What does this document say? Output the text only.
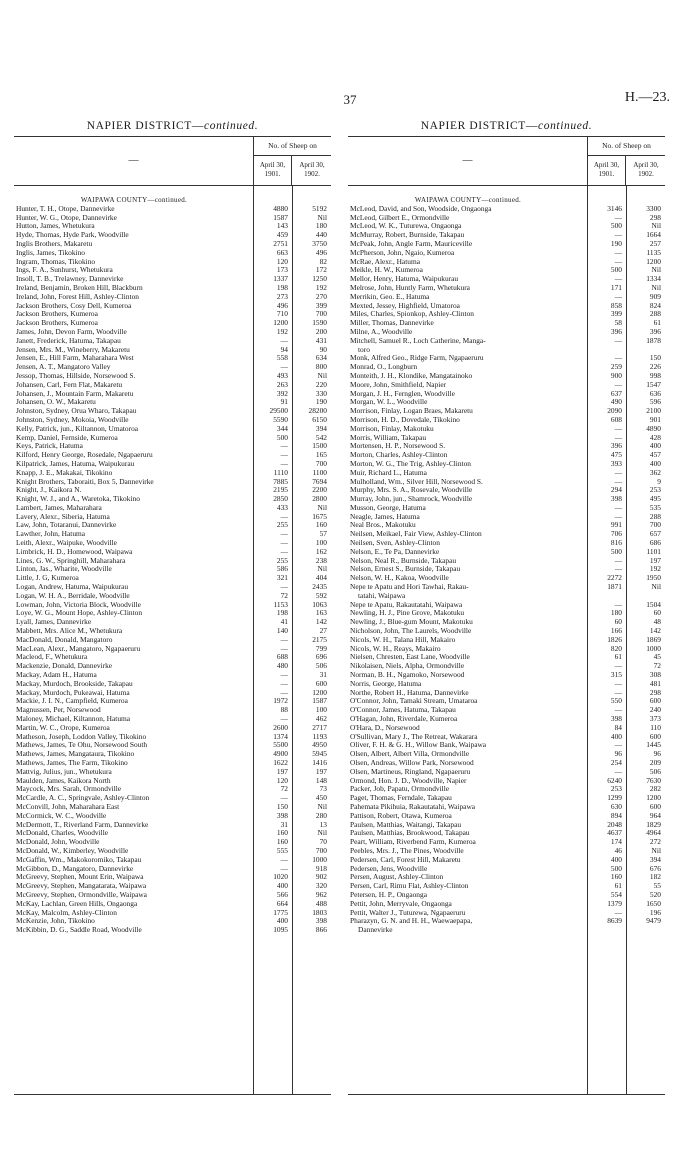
37	H.—23.
NAPIER DISTRICT—continued.
—
No. of Sheep on
April 30,
1901.
April 30,
1902.
WAIPAWA COUNTY—continued.
Hunter, T. H., Otope, Dannevirke	4880	5192
Hunter, W. G., Otope, Dannevirke	1587	Nil
Hutton, James, Whetukura	143	180
Hyde, Thomas, Hyde Park, Woodville	459	440
Inglis Brothers, Makaretu	2751	3750
Inglis, James, Tikokino	663	496
Ingram, Thomas, Tikokino	120	82
Ings, F. A., Sunhurst, Whetukura	173	172
Insoll, T. B., Trelawney, Dannevirke	1337	1250
Ireland, Benjamin, Broken Hill, Blackburn	198	192
Ireland, John, Forest Hill, Ashley-Clinton	273	270
Jackson Brothers, Cosy Dell, Kumeroa	496	399
Jackson Brothers, Kumeroa	710	700
Jackson Brothers, Kumeroa	1200	1590
James, John, Devon Farm, Woodville	192	200
Janett, Frederick, Hatuma, Takapau	—	431
Jensen, Mrs. M., Wineberry, Makaretu	94	90
Jensen, E., Hill Farm, Maharahara West	558	634
Jensen, A. T., Mangatoro Valley	—	800
Jessop, Thomas, Hillside, Norsewood S.	493	Nil
Johansen, Carl, Fern Flat, Makaretu	263	220
Johansen, J., Mountain Farm, Makaretu	392	330
Johansen, O. W., Makaretu	91	190
Johnston, Sydney, Orua Wharo, Takapau	29500	28200
Johnston, Sydney, Mokoia, Woodville	5590	6150
Kelly, Patrick, jun., Kiltannon, Umatoroa	344	394
Kemp, Daniel, Fernside, Kumeroa	500	542
Keys, Patrick, Hatuma	—	1500
Kilford, Henry George, Rosedale, Ngapaeruru	—	165
Kilpatrick, James, Hatuma, Waipukurau	—	700
Knapp, J. E., Makakai, Tikokino	1110	1100
Knight Brothers, Taboraiti, Box 5, Dannevirke	7885	7694
Knight, J., Kaikora N.	2195	2200
Knight, W. J., and A., Waretoka, Tikokino	2850	2800
Lambert, James, Maharahara	433	Nil
Lavery, Alexr., Siberia, Hatuma	—	1675
Law, John, Totaranui, Dannevirke	255	160
Lawther, John, Hatuma	—	57
Leith, Alexr., Waipuke, Woodville	—	100
Limbrick, H. D., Homewood, Waipawa	—	162
Lines, G. W., Springhill, Maharahara	255	238
Linton, Jas., Wharite, Woodville	586	Nil
Little, J. G, Kumeroa	321	404
Logan, Andrew, Hatuma, Waipukurau	—	2435
Logan, W. H. A., Berridale, Woodville	72	592
Lowman, John, Victoria Block, Woodville	1153	1063
Loye, W. G., Mount Hope, Ashley-Clinton	198	163
Lyall, James, Dannevirke	41	142
Mabbett, Mrs. Alice M., Whetukura	140	27
MacDonald, Donald, Mangatoro	—	2175
MacLean, Alexr., Mangatoro, Ngapaeruru	—	799
Macleod, F., Whetukura	688	696
Mackenzie, Donald, Dannevirke	480	506
Mackay, Adam H., Hatuma	—	31
Mackay, Murdoch, Brookside, Takapau	—	600
Mackay, Murdoch, Pukeawai, Hatuma	—	1200
Mackie, J. I. N., Campfield, Kumeroa	1972	1587
Magnussen, Per, Norsewood	88	100
Maloney, Michael, Kiltannon, Hatuma	—	462
Martin, W. C., Orope, Kumeroa	2600	2717
Matheson, Joseph, Loddon Valley, Tikokino	1374	1193
Mathews, James, Te Ohu, Norsewood South	5500	4950
Mathews, James, Mangataura, Tikokino	4900	5945
Mathews, James, The Farm, Tikokino	1622	1416
Mattvig, Julius, jun., Whetukura	197	197
Maulden, James, Kaikora North	120	148
Maycock, Mrs. Sarah, Ormondville	72	73
McCardle, A. C., Springvale, Ashley-Clinton	—	450
McConvill, John, Maharahara East	150	Nil
McCormick, W. C., Woodville	398	280
McDermott, T., Riverland Farm, Dannevirke	31	13
McDonald, Charles, Woodville	160	Nil
McDonald, John, Woodville	160	70
McDonald, W., Kimberley, Woodville	555	700
McGaffin, Wm., Makokoromiko, Takapau	—	1000
McGibbon, D., Mangatoro, Dannevirke	—	918
McGreevy, Stephen, Mount Erin, Waipawa	1020	902
McGreevy, Stephen, Mangatarata, Waipawa	400	320
McGreevy, Stephen, Ormondville, Waipawa	566	962
McKay, Lachlan, Green Hills, Ongaonga	664	488
McKay, Malcolm, Ashley-Clinton	1775	1803
McKenzie, John, Tikokino	400	398
McKibbin, D. G., Saddle Road, Woodville	1095	866
NAPIER DISTRICT—continued.
—
No. of Sheep on
April 30,
1901.
April 30,
1902.
WAIPAWA COUNTY—continued.
McLeod, David, and Son, Woodside, Ongaonga	3146	3300
McLeod, Gilbert E., Ormondville	—	298
McLeod, W. K., Tuturewa, Ongaonga	500	Nil
McMurray, Robert, Burnside, Takapau	—	1664
McPeak, John, Angle Farm, Mauriceville	190	257
McPherson, John, Ngaio, Kumeroa	—	1135
McRae, Alexr., Hatuma	—	1200
Meikle, H. W., Kumeroa	500	Nil
Mellor, Henry, Hatuma, Waipukurau	—	1334
Melrose, John, Huntly Farm, Whetukura	171	Nil
Merrikin, Geo. E., Hatuma	—	909
Mexted, Jessey, Highfield, Umatoroa	858	824
Miles, Charles, Spionkop, Ashley-Clinton	399	288
Miller, Thomas, Dannevirke	58	61
Milne, A., Woodville	396	396
Mitchell, Samuel R., Loch Catherine, Manga-	—	1878
toro
Monk, Alfred Geo., Ridge Farm, Ngapaeruru	—	150
Monrad, O., Longburn	259	226
Monteith, J. H., Klondike, Mangatainoko	900	998
Moore, John, Smithfield, Napier	—	1547
Morgan, J. H., Fernglen, Woodville	637	636
Morgan, W. L., Woodville	490	596
Morrison, Finlay, Logan Braes, Makaretu	2090	2100
Morrison, H. D., Dovedale, Tikokino	608	901
Morrison, Finlay, Makotuku	—	4890
Morris, William, Takapau	—	428
Mortensen, H. P., Norsewood S.	396	400
Morton, Charles, Ashley-Clinton	475	457
Morton, W. G., The Trig, Ashley-Clinton	393	400
Muir, Richard L., Hatuma	—	362
Mulholland, Wm., Silver Hill, Norsewood S.	—	9
Murphy, Mrs. S. A., Rosevale, Woodville	294	253
Murray, John, jun., Shamrock, Woodville	398	495
Musson, George, Hatuma	—	535
Neagle, James, Hatuma	—	288
Neal Bros., Makotuku	991	700
Neilsen, Meikael, Fair View, Ashley-Clinton	706	657
Neilsen, Sven, Ashley-Clinton	816	686
Nelson, E., Te Pa, Dannevirke	500	1101
Nelson, Neal R., Burnside, Takapau	—	197
Nelson, Ernest S., Burnside, Takapau	—	192
Nelson, W. H., Kakoa, Woodville	2272	1950
Nepe te Apatu and Hori Tawhai, Rakau-	1871	Nil
tatahi, Waipawa
Nepe te Apatu, Rakautatahi, Waipawa	—	1504
Newling, H. J., Pine Grove, Makotuku	180	60
Newling, J., Blue-gum Mount, Makotuku	60	48
Nicholson, John, The Laurels, Woodville	166	142
Nicols, W. H., Talana Hill, Makairo	1826	1869
Nicols, W. H., Reays, Makairo	820	1000
Nielsen, Chresten, East Lane, Woodville	61	45
Nikolaisen, Niels, Alpha, Ormondville	—	72
Norman, B. H., Ngamoko, Norsewood	315	308
Norris, George, Hatuma	—	481
Northe, Robert H., Hatuma, Dannevirke	—	298
O'Connor, John, Tamaki Stream, Umataroa	550	600
O'Connor, James, Hatuma, Takapau	—	240
O'Hagan, John, Riverdale, Kumeroa	398	373
O'Hara, D., Norsewood	84	110
O'Sullivan, Mary J., The Retreat, Wakarara	400	600
Oliver, F. H. & G. H., Willow Bank, Waipawa	—	1445
Olsen, Albert, Albert Villa, Ormondville	96	96
Olsen, Andreas, Willow Park, Norsewood	254	209
Olsen, Martineus, Ringland, Ngapaeruru	—	506
Ormond, Hon. J. D., Woodville, Napier	6240	7630
Packer, Job, Papatu, Ormondville	253	282
Paget, Thomas, Ferndale, Takapau	1299	1200
Pahemata Pikihuia, Rakautatahi, Waipawa	630	600
Pattison, Robert, Otawa, Kumeroa	894	964
Paulsen, Matthias, Waitangi, Takapau	2048	1829
Paulsen, Matthias, Brookwood, Takapau	4637	4964
Peart, William, Riverbend Farm, Kumeroa	174	272
Peebles, Mrs. J., The Pines, Woodville	46	Nil
Pedersen, Carl, Forest Hill, Makaretu	400	394
Pedersen, Jens, Woodville	500	676
Persen, August, Ashley-Clinton	160	182
Persen, Carl, Rimu Flat, Ashley-Clinton	61	55
Petersen, H. P., Ongaonga	554	520
Pettit, John, Merryvale, Ongaonga	1379	1650
Pettit, Walter J., Tuturewa, Ngapaeruru	—	196
Pharazyn, G. N. and H. H., Waewaepapa,	8639	9479
Dannevirke
